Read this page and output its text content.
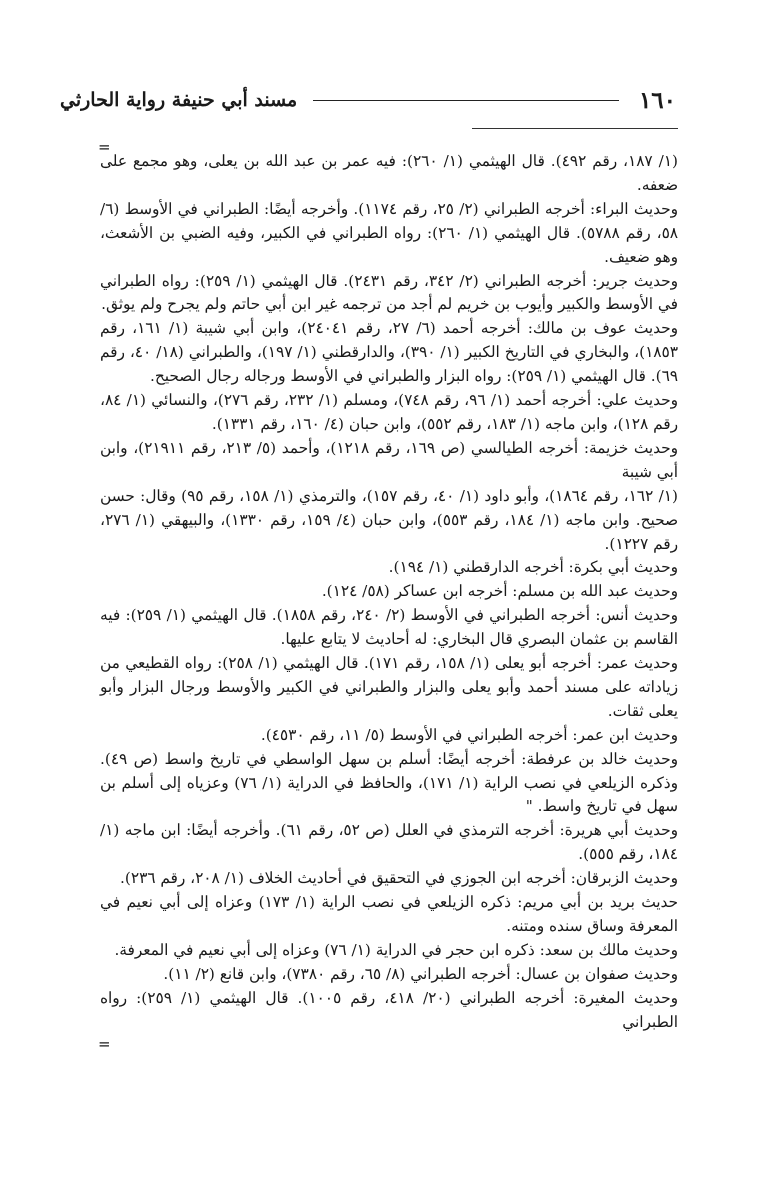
١٦٠
مسند أبي حنيفة رواية الحارثي
=

(١/ ١٨٧، رقم ٤٩٢). قال الهيثمي (١/ ٢٦٠): فيه عمر بن عبد الله بن يعلى، وهو مجمع على ضعفه.

وحديث البراء: أخرجه الطبراني (٢/ ٢٥، رقم ١١٧٤). وأخرجه أيضًا: الطبراني في الأوسط (٦/ ٥٨، رقم ٥٧٨٨). قال الهيثمي (١/ ٢٦٠): رواه الطبراني في الكبير، وفيه الضبي بن الأشعث، وهو ضعيف.

وحديث جرير: أخرجه الطبراني (٢/ ٣٤٢، رقم ٢٤٣١). قال الهيثمي (١/ ٢٥٩): رواه الطبراني في الأوسط والكبير وأيوب بن خريم لم أجد من ترجمه غير ابن أبي حاتم ولم يجرح ولم يوثق.

وحديث عوف بن مالك: أخرجه أحمد (٦/ ٢٧، رقم ٢٤٠٤١)، وابن أبي شيبة (١/ ١٦١، رقم ١٨٥٣)، والبخاري في التاريخ الكبير (١/ ٣٩٠)، والدارقطني (١/ ١٩٧)، والطبراني (١٨/ ٤٠، رقم ٦٩). قال الهيثمي (١/ ٢٥٩): رواه البزار والطبراني في الأوسط ورجاله رجال الصحيح.

وحديث علي: أخرجه أحمد (١/ ٩٦، رقم ٧٤٨)، ومسلم (١/ ٢٣٢، رقم ٢٧٦)، والنسائي (١/ ٨٤، رقم ١٢٨)، وابن ماجه (١/ ١٨٣، رقم ٥٥٢)، وابن حبان (٤/ ١٦٠، رقم ١٣٣١).

وحديث خزيمة: أخرجه الطيالسي (ص ١٦٩، رقم ١٢١٨)، وأحمد (٥/ ٢١٣، رقم ٢١٩١١)، وابن أبي شيبة

(١/ ١٦٢، رقم ١٨٦٤)، وأبو داود (١/ ٤٠، رقم ١٥٧)، والترمذي (١/ ١٥٨، رقم ٩٥) وقال: حسن صحيح. وابن ماجه (١/ ١٨٤، رقم ٥٥٣)، وابن حبان (٤/ ١٥٩، رقم ١٣٣٠)، والبيهقي (١/ ٢٧٦، رقم ١٢٢٧).

وحديث أبي بكرة: أخرجه الدارقطني (١/ ١٩٤).

وحديث عبد الله بن مسلم: أخرجه ابن عساكر (٥٨/ ١٢٤).

وحديث أنس: أخرجه الطبراني في الأوسط (٢/ ٢٤٠، رقم ١٨٥٨). قال الهيثمي (١/ ٢٥٩): فيه القاسم بن عثمان البصري قال البخاري: له أحاديث لا يتابع عليها.

وحديث عمر: أخرجه أبو يعلى (١/ ١٥٨، رقم ١٧١). قال الهيثمي (١/ ٢٥٨): رواه القطيعي من زياداته على مسند أحمد وأبو يعلى والبزار والطبراني في الكبير والأوسط ورجال البزار وأبو يعلى ثقات.

وحديث ابن عمر: أخرجه الطبراني في الأوسط (٥/ ١١، رقم ٤٥٣٠).

وحديث خالد بن عرفطة: أخرجه أيضًا: أسلم بن سهل الواسطي في تاريخ واسط (ص ٤٩). وذكره الزيلعي في نصب الراية (١/ ١٧١)، والحافظ في الدراية (١/ ٧٦) وعزياه إلى أسلم بن سهل في تاريخ واسط. "

وحديث أبي هريرة: أخرجه الترمذي في العلل (ص ٥٢، رقم ٦١). وأخرجه أيضًا: ابن ماجه (١/ ١٨٤، رقم ٥٥٥).

وحديث الزبرقان: أخرجه ابن الجوزي في التحقيق في أحاديث الخلاف (١/ ٢٠٨، رقم ٢٣٦).

حديث بريد بن أبي مريم: ذكره الزيلعي في نصب الراية (١/ ١٧٣) وعزاه إلى أبي نعيم في المعرفة وساق سنده ومتنه.

وحديث مالك بن سعد: ذكره ابن حجر في الدراية (١/ ٧٦) وعزاه إلى أبي نعيم في المعرفة.

وحديث صفوان بن عسال: أخرجه الطبراني (٨/ ٦٥، رقم ٧٣٨٠)، وابن قانع (٢/ ١١).

وحديث المغيرة: أخرجه الطبراني (٢٠/ ٤١٨، رقم ١٠٠٥). قال الهيثمي (١/ ٢٥٩): رواه الطبراني

=
